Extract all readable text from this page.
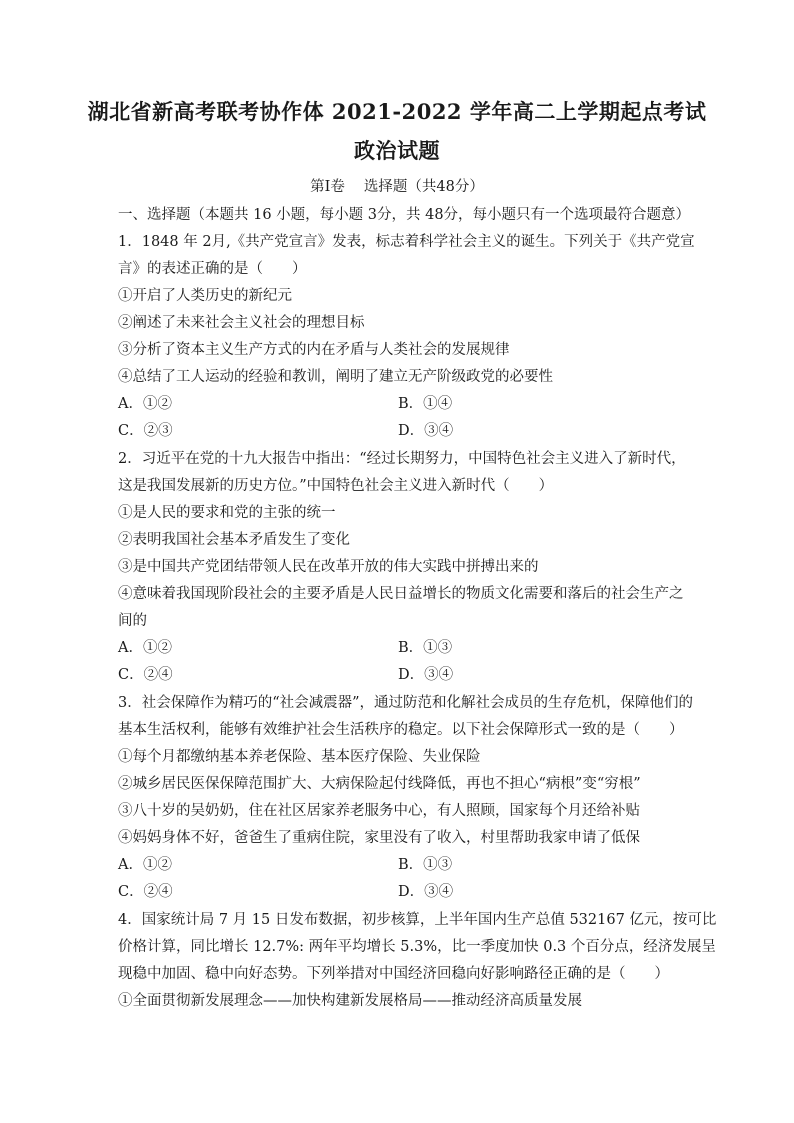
湖北省新高考联考协作体 2021-2022 学年高二上学期起点考试
政治试题
第Ⅰ卷　 选择题（共48分）
一、选择题（本题共 16 小题，每小题 3分，共 48分，每小题只有一个选项最符合题意）
1．1848 年 2月,《共产党宣言》发表，标志着科学社会主义的诞生。下列关于《共产党宣
言》的表述正确的是（　　）
①开启了人类历史的新纪元
②阐述了未来社会主义社会的理想目标
③分析了资本主义生产方式的内在矛盾与人类社会的发展规律
④总结了工人运动的经验和教训，阐明了建立无产阶级政党的必要性
A．①②	B．①④
C．②③	D．③④
2．习近平在党的十九大报告中指出：“经过长期努力，中国特色社会主义进入了新时代，
这是我国发展新的历史方位。”中国特色社会主义进入新时代（　　）
①是人民的要求和党的主张的统一
②表明我国社会基本矛盾发生了变化
③是中国共产党团结带领人民在改革开放的伟大实践中拼搏出来的
④意味着我国现阶段社会的主要矛盾是人民日益增长的物质文化需要和落后的社会生产之
间的
A．①②	B．①③
C．②④	D．③④
3．社会保障作为精巧的“社会减震器”，通过防范和化解社会成员的生存危机，保障他们的
基本生活权利，能够有效维护社会生活秩序的稳定。以下社会保障形式一致的是（　　）
①每个月都缴纳基本养老保险、基本医疗保险、失业保险
②城乡居民医保保障范围扩大、大病保险起付线降低，再也不担心“病根”变“穷根”
③八十岁的吴奶奶，住在社区居家养老服务中心，有人照顾，国家每个月还给补贴
④妈妈身体不好，爸爸生了重病住院，家里没有了收入，村里帮助我家申请了低保
A．①②	B．①③
C．②④	D．③④
4．国家统计局 7 月 15 日发布数据，初步核算，上半年国内生产总值 532167 亿元，按可比
价格计算，同比增长 12.7%: 两年平均增长 5.3%，比一季度加快 0.3 个百分点，经济发展呈
现稳中加固、稳中向好态势。下列举措对中国经济回稳向好影响路径正确的是（　　）
①全面贯彻新发展理念——加快构建新发展格局——推动经济高质量发展
